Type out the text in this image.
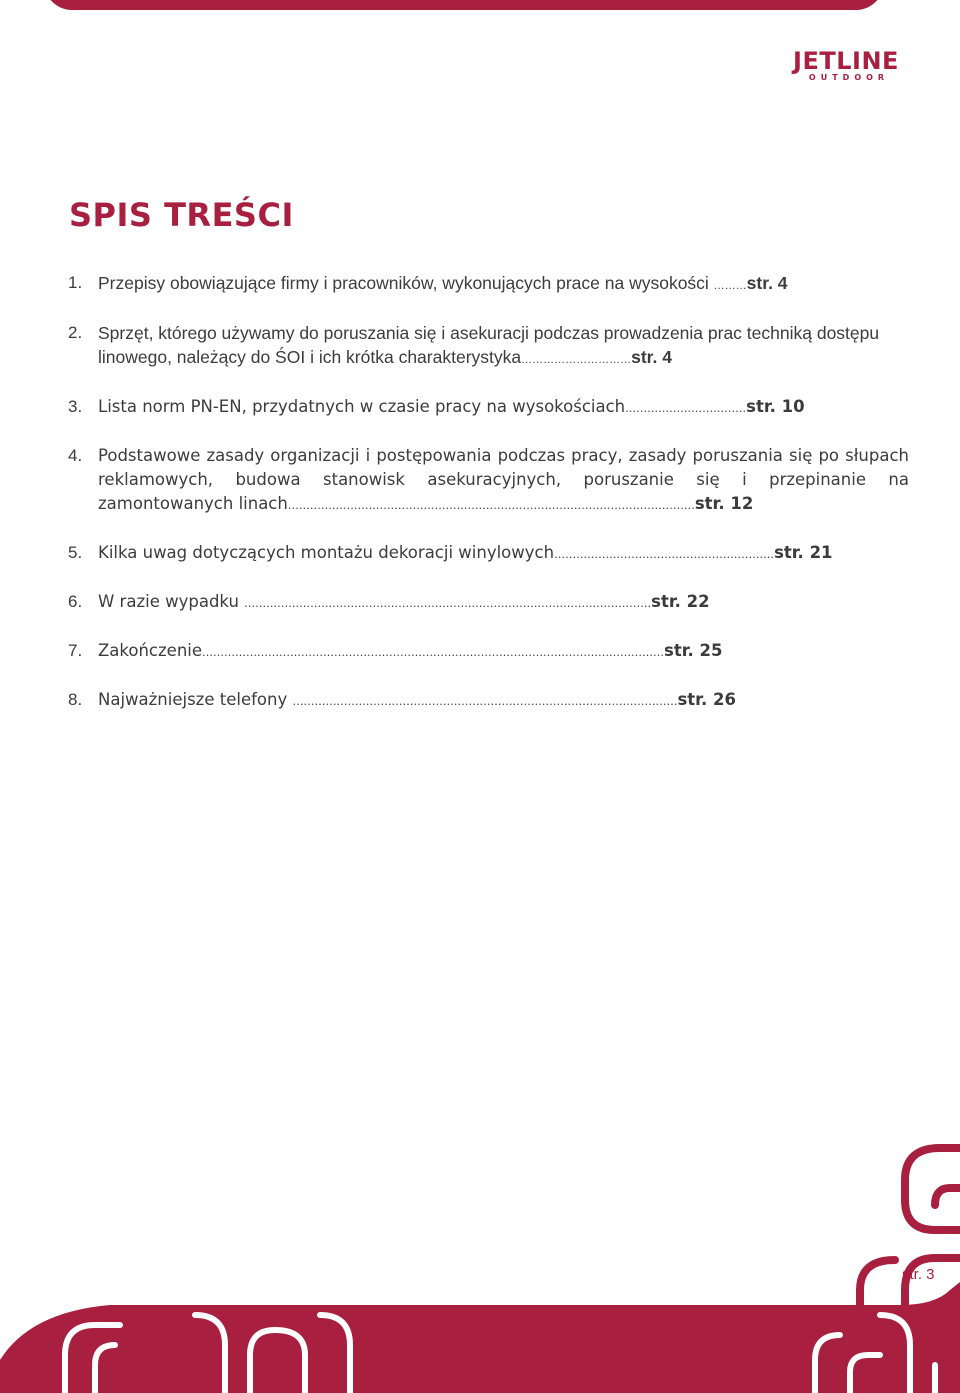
JETLINE
OUTDOOR
SPIS TREŚCI
1. Przepisy obowiązujące firmy i pracowników, wykonujących prace na wysokości ………str. 4
2. Sprzęt, którego używamy do poruszania się i asekuracji podczas prowadzenia prac techniką dostępu linowego, należący do ŚOI i ich krótka charakterystyka…………………………str. 4
3. Lista norm PN-EN, przydatnych w czasie pracy na wysokościach……………………………str. 10
4. Podstawowe zasady organizacji i postępowania podczas pracy, zasady poruszania się po słupach reklamowych, budowa stanowisk asekuracyjnych, poruszanie się i przepinanie na zamontowanych linach…………………………………………………………………………………………………str. 12
5. Kilka uwag dotyczących montażu dekoracji winylowych……………………………………………………str. 21
6. W razie wypadku …………………………………………………………………………………………………str. 22
7. Zakończenie………………………………………………………………………………………………………………str. 25
8. Najważniejsze telefony ……………………………………………………………………………………………str. 26
str. 3
